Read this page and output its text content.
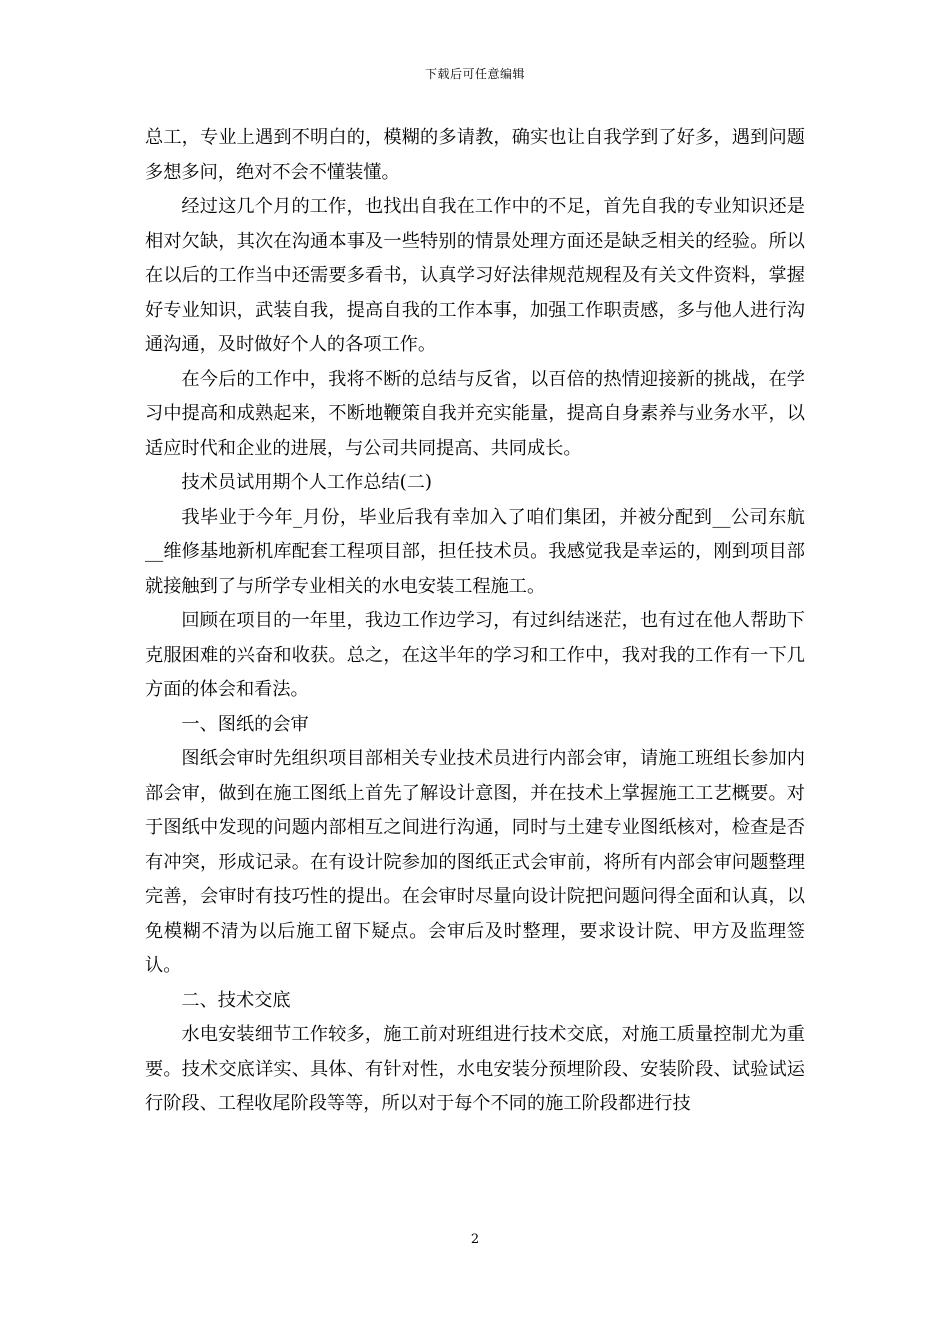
下载后可任意编辑

总工，专业上遇到不明白的，模糊的多请教，确实也让自我学到了好多，遇到问题多想多问，绝对不会不懂装懂。

经过这几个月的工作，也找出自我在工作中的不足，首先自我的专业知识还是相对欠缺，其次在沟通本事及一些特别的情景处理方面还是缺乏相关的经验。所以在以后的工作当中还需要多看书，认真学习好法律规范规程及有关文件资料，掌握好专业知识，武装自我，提高自我的工作本事，加强工作职责感，多与他人进行沟通沟通，及时做好个人的各项工作。

在今后的工作中，我将不断的总结与反省，以百倍的热情迎接新的挑战，在学习中提高和成熟起来，不断地鞭策自我并充实能量，提高自身素养与业务水平，以适应时代和企业的进展，与公司共同提高、共同成长。

技术员试用期个人工作总结(二)

我毕业于今年_月份，毕业后我有幸加入了咱们集团，并被分配到__公司东航__维修基地新机库配套工程项目部，担任技术员。我感觉我是幸运的，刚到项目部就接触到了与所学专业相关的水电安装工程施工。

回顾在项目的一年里，我边工作边学习，有过纠结迷茫，也有过在他人帮助下克服困难的兴奋和收获。总之，在这半年的学习和工作中，我对我的工作有一下几方面的体会和看法。

一、图纸的会审

图纸会审时先组织项目部相关专业技术员进行内部会审，请施工班组长参加内部会审，做到在施工图纸上首先了解设计意图，并在技术上掌握施工工艺概要。对于图纸中发现的问题内部相互之间进行沟通，同时与土建专业图纸核对，检查是否有冲突，形成记录。在有设计院参加的图纸正式会审前，将所有内部会审问题整理完善，会审时有技巧性的提出。在会审时尽量向设计院把问题问得全面和认真，以免模糊不清为以后施工留下疑点。会审后及时整理，要求设计院、甲方及监理签认。

二、技术交底

水电安装细节工作较多，施工前对班组进行技术交底，对施工质量控制尤为重要。技术交底详实、具体、有针对性，水电安装分预埋阶段、安装阶段、试验试运行阶段、工程收尾阶段等等，所以对于每个不同的施工阶段都进行技

2
